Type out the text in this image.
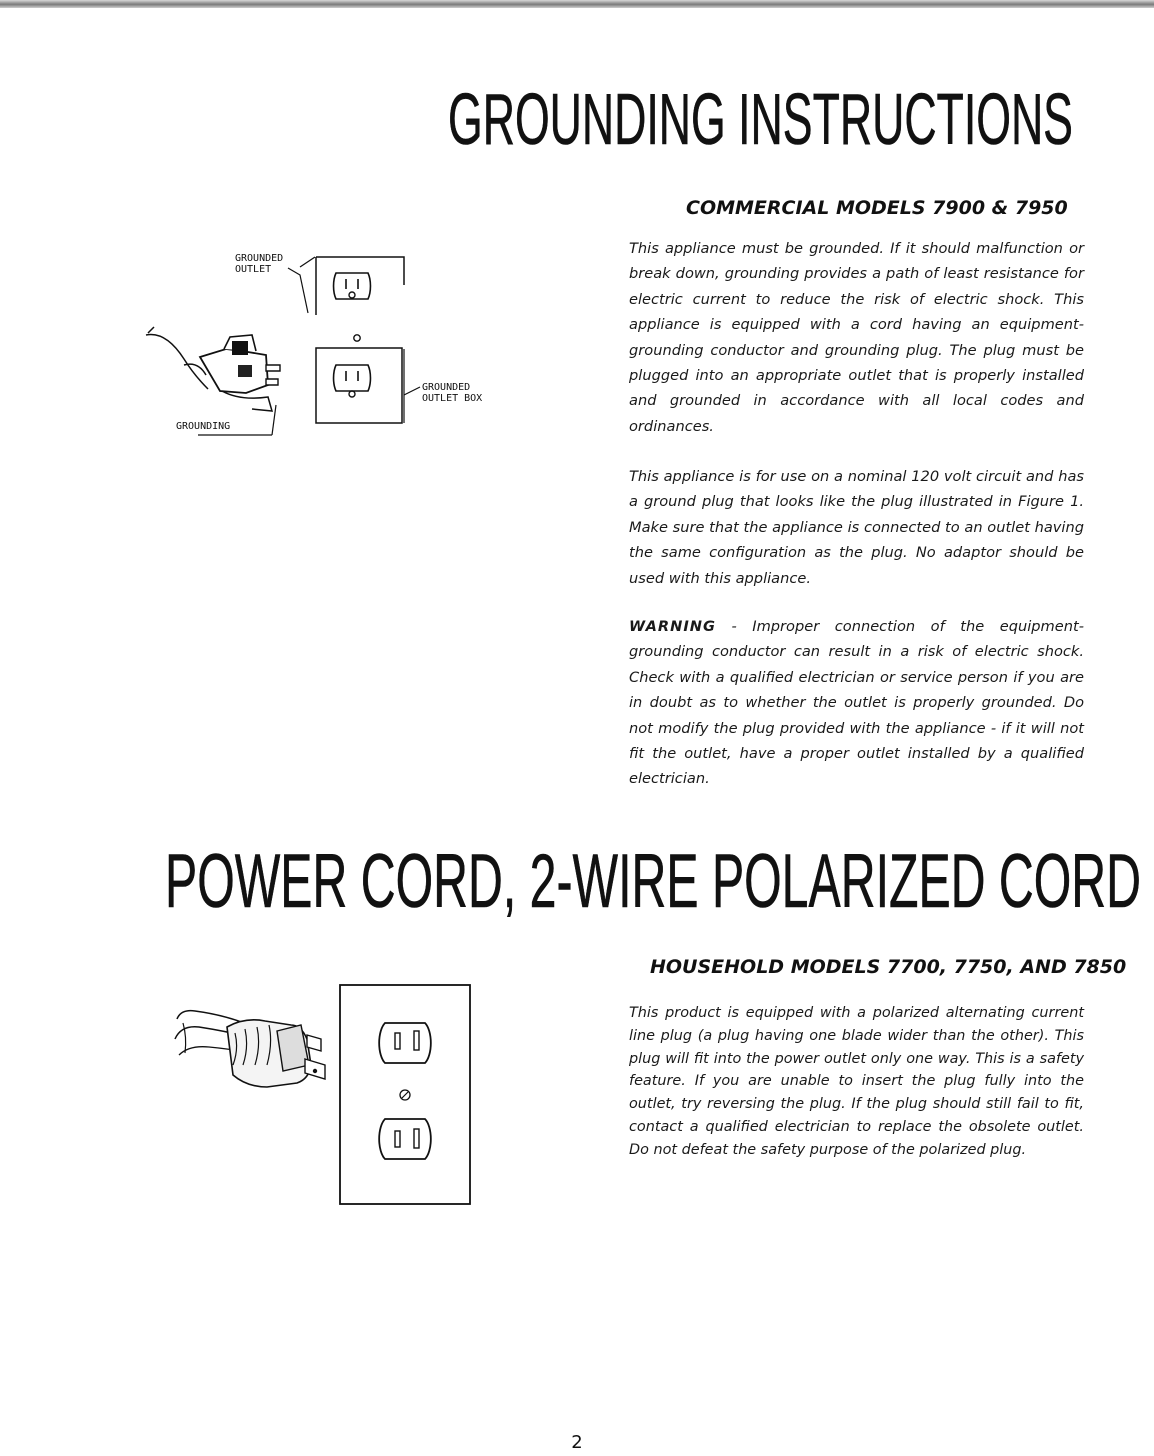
GROUNDING INSTRUCTIONS
COMMERCIAL MODELS 7900 & 7950
GROUNDED
OUTLET
GROUNDED
OUTLET BOX
GROUNDING

This appliance must be grounded. If it should malfunction or break down, grounding provides a path of least resistance for electric current to reduce the risk of electric shock. This appliance is equipped with a cord having an equipment-grounding conductor and grounding plug. The plug must be plugged into an appropriate outlet that is properly installed and grounded in accordance with all local codes and ordinances.

This appliance is for use on a nominal 120 volt circuit and has a ground plug that looks like the plug illustrated in Figure 1. Make sure that the appliance is connected to an outlet having the same configuration as the plug. No adaptor should be used with this appliance.

WARNING - Improper connection of the equipment-grounding conductor can result in a risk of electric shock. Check with a qualified electrician or service person if you are in doubt as to whether the outlet is properly grounded. Do not modify the plug provided with the appliance - if it will not fit the outlet, have a proper outlet installed by a qualified electrician.

POWER CORD, 2-WIRE POLARIZED CORD
HOUSEHOLD MODELS 7700, 7750, AND 7850

This product is equipped with a polarized alternating current line plug (a plug having one blade wider than the other). This plug will fit into the power outlet only one way. This is a safety feature. If you are unable to insert the plug fully into the outlet, try reversing the plug. If the plug should still fail to fit, contact a qualified electrician to replace the obsolete outlet. Do not defeat the safety purpose of the polarized plug.

2
